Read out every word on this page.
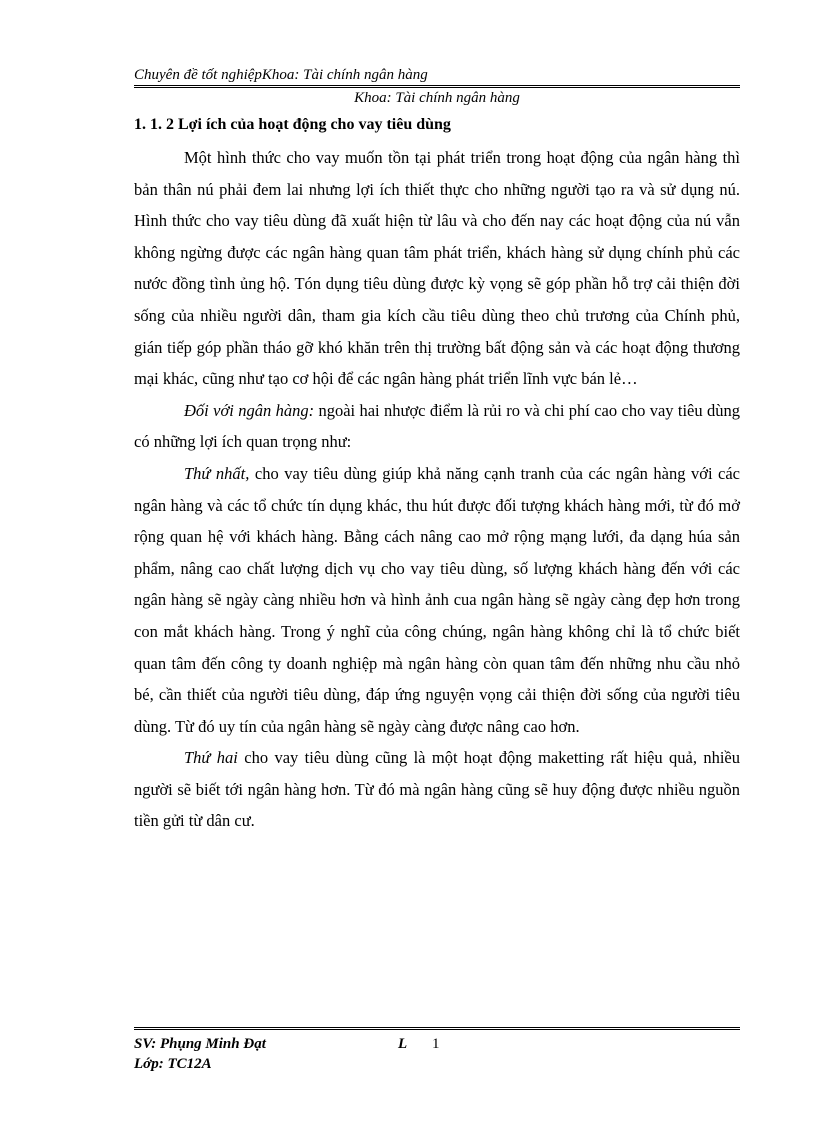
Chuyên đề tốt nghiệpKhoa: Tài chính ngân hàng

Khoa: Tài chính ngân hàng

1. 1. 2 Lợi ích của hoạt động cho vay tiêu dùng

Một hình thức cho vay muốn tồn tại phát triển trong hoạt động của ngân hàng thì bản thân nú phải đem lai nhưng lợi ích thiết thực cho những người tạo ra và sử dụng nú. Hình thức cho vay tiêu dùng đã xuất hiện từ lâu và cho đến nay các hoạt động của nú vẫn không ngừng được các ngân hàng quan tâm phát triển, khách hàng sử dụng chính phủ các nước đồng tình ủng hộ. Tón dụng tiêu dùng được kỳ vọng sẽ góp phần hỗ trợ cải thiện đời sống của nhiều người dân, tham gia kích cầu tiêu dùng theo chủ trương của Chính phủ, gián tiếp góp phần tháo gỡ khó khăn trên thị trường bất động sản và các hoạt động thương mại khác, cũng như tạo cơ hội để các ngân hàng phát triển lĩnh vực bán lẻ…

Đối với ngân hàng: ngoài hai nhược điểm là rủi ro và chi phí cao cho vay tiêu dùng có những lợi ích quan trọng như:

Thứ nhất, cho vay tiêu dùng giúp khả năng cạnh tranh của các ngân hàng với các ngân hàng và các tổ chức tín dụng khác, thu hút được đối tượng khách hàng mới, từ đó mở rộng quan hệ với khách hàng. Bằng cách nâng cao mở rộng mạng lưới, đa dạng húa sản phẩm, nâng cao chất lượng dịch vụ cho vay tiêu dùng, số lượng khách hàng đến với các ngân hàng sẽ ngày càng nhiều hơn và hình ảnh cua ngân hàng sẽ ngày càng đẹp hơn trong con mắt khách hàng. Trong ý nghĩ của công chúng, ngân hàng không chỉ là tổ chức biết quan tâm đến công ty doanh nghiệp mà ngân hàng còn quan tâm đến những nhu cầu nhỏ bé, cần thiết của người tiêu dùng, đáp ứng nguyện vọng cải thiện đời sống của người tiêu dùng. Từ đó uy tín của ngân hàng sẽ ngày càng được nâng cao hơn.

Thứ hai cho vay tiêu dùng cũng là một hoạt động maketting rất hiệu quả, nhiều người sẽ biết tới ngân hàng hơn. Từ đó mà ngân hàng cũng sẽ huy động được nhiều nguồn tiền gửi từ dân cư.

SV: Phụng Minh Đạt	L 1
Lớp: TC12A
